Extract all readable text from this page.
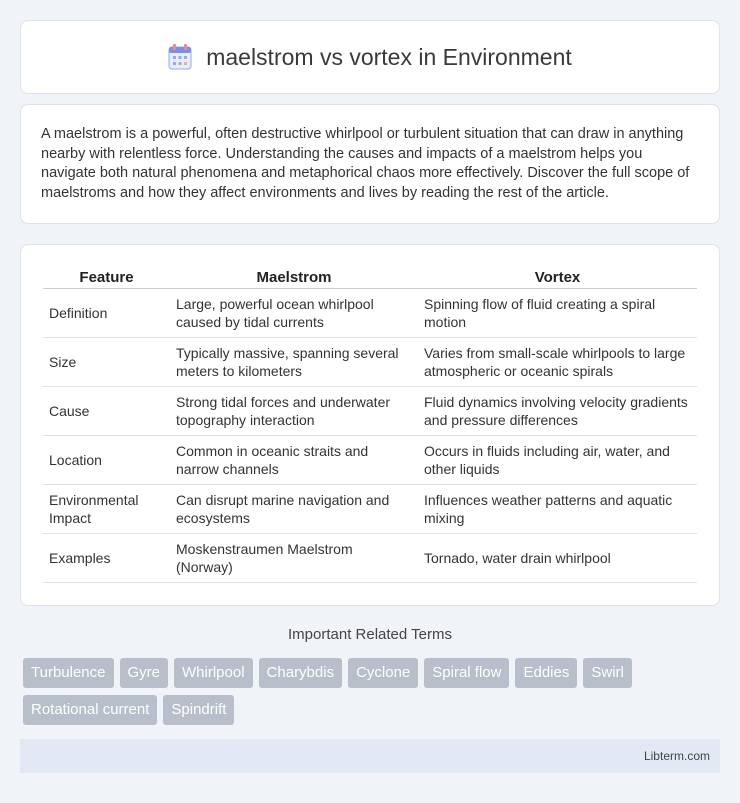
maelstrom vs vortex in Environment

A maelstrom is a powerful, often destructive whirlpool or turbulent situation that can draw in anything nearby with relentless force. Understanding the causes and impacts of a maelstrom helps you navigate both natural phenomena and metaphorical chaos more effectively. Discover the full scope of maelstroms and how they affect environments and lives by reading the rest of the article.

Feature	Maelstrom	Vortex
Definition	Large, powerful ocean whirlpool caused by tidal currents	Spinning flow of fluid creating a spiral motion
Size	Typically massive, spanning several meters to kilometers	Varies from small-scale whirlpools to large atmospheric or oceanic spirals
Cause	Strong tidal forces and underwater topography interaction	Fluid dynamics involving velocity gradients and pressure differences
Location	Common in oceanic straits and narrow channels	Occurs in fluids including air, water, and other liquids
Environmental Impact	Can disrupt marine navigation and ecosystems	Influences weather patterns and aquatic mixing
Examples	Moskenstraumen Maelstrom (Norway)	Tornado, water drain whirlpool
Important Related Terms
Turbulence	Gyre	Whirlpool	Charybdis	Cyclone	Spiral flow	Eddies	Swirl
Rotational current	Spindrift
Libterm.com
